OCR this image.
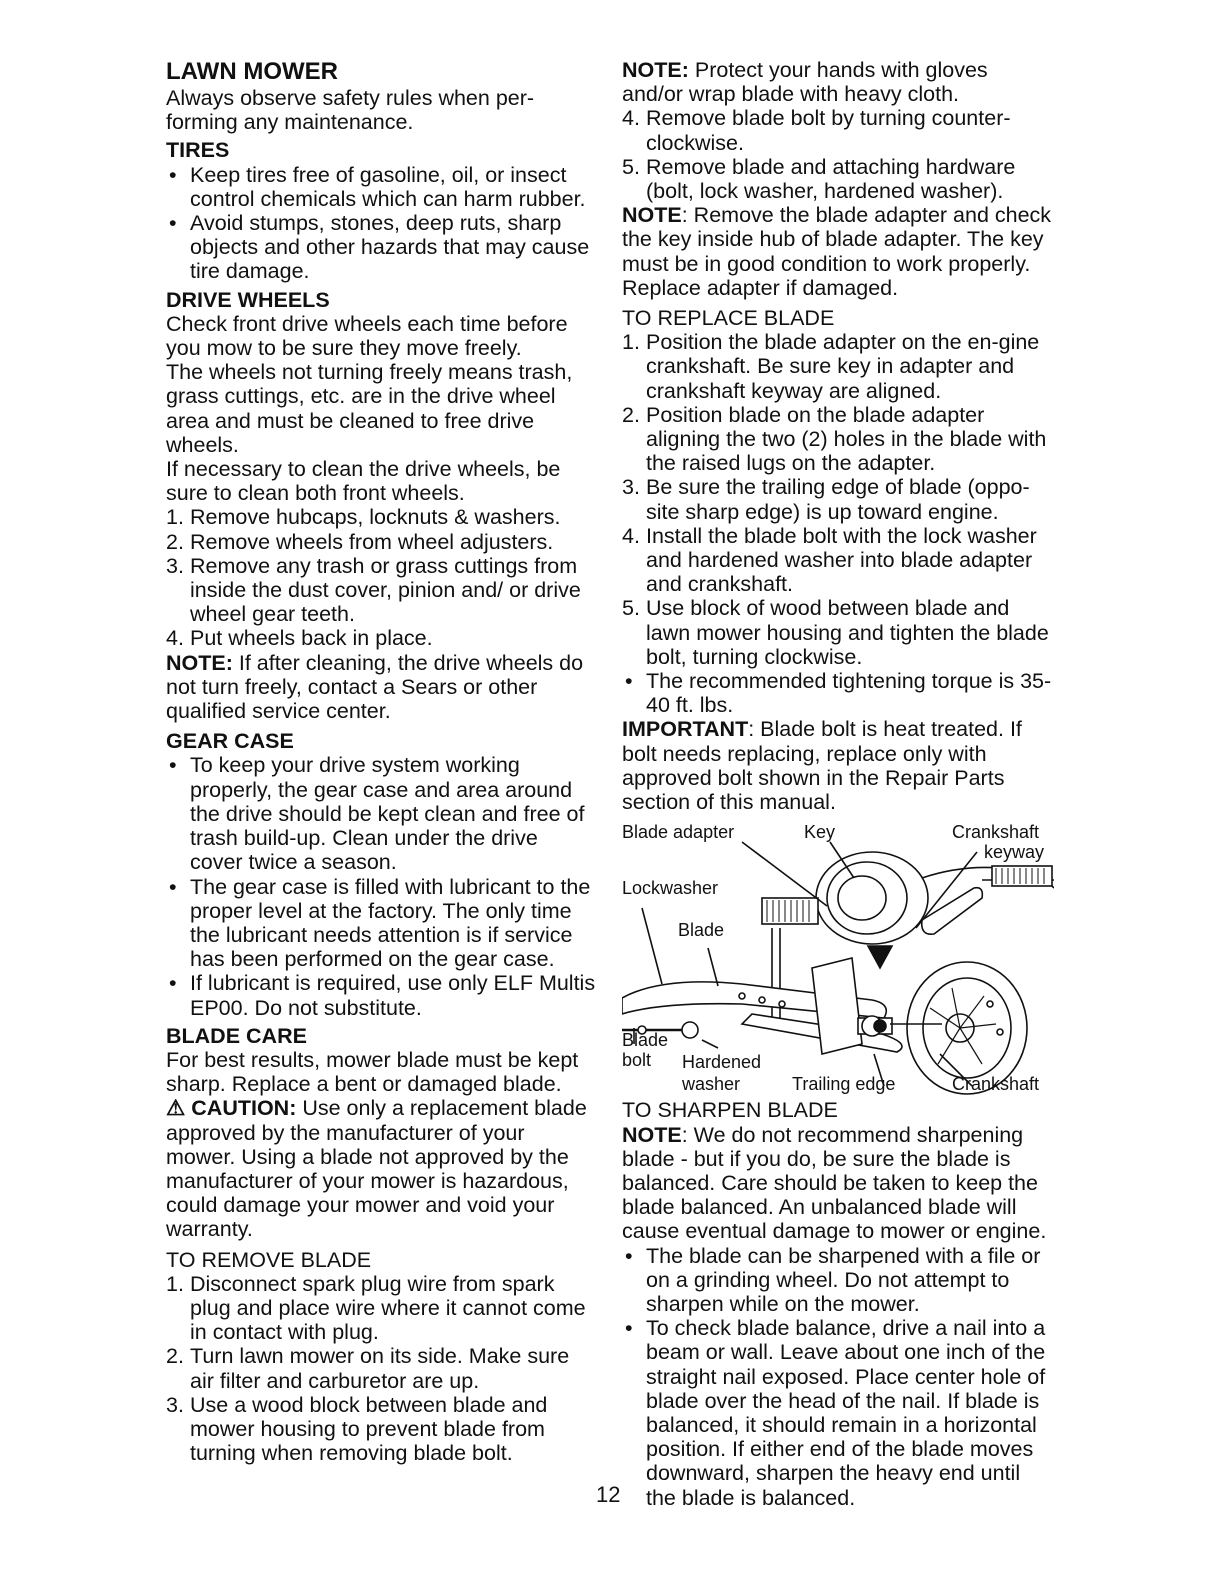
LAWN MOWER

Always observe safety rules when per-forming any maintenance.

TIRES

• Keep tires free of gasoline, oil, or insect control chemicals which can harm rubber.
• Avoid stumps, stones, deep ruts, sharp objects and other hazards that may cause tire damage.

DRIVE WHEELS

Check front drive wheels each time before you mow to be sure they move freely.

The wheels not turning freely means trash, grass cuttings, etc. are in the drive wheel area and must be cleaned to free drive wheels.

If necessary to clean the drive wheels, be sure to clean both front wheels.

1. Remove hubcaps, locknuts & washers.
2. Remove wheels from wheel adjusters.
3. Remove any trash or grass cuttings from inside the dust cover, pinion and/ or drive wheel gear teeth.
4. Put wheels back in place.

NOTE: If after cleaning, the drive wheels do not turn freely, contact a Sears or other qualified service center.

GEAR CASE

• To keep your drive system working properly, the gear case and area around the drive should be kept clean and free of trash build-up. Clean under the drive cover twice a season.
• The gear case is filled with lubricant to the proper level at the factory. The only time the lubricant needs attention is if service has been performed on the gear case.
• If lubricant is required, use only ELF Multis EP00. Do not substitute.

BLADE CARE

For best results, mower blade must be kept sharp. Replace a bent or damaged blade.

⚠ CAUTION: Use only a replacement blade approved by the manufacturer of your mower. Using a blade not approved by the manufacturer of your mower is hazardous, could damage your mower and void your warranty.

TO REMOVE BLADE

1. Disconnect spark plug wire from spark plug and place wire where it cannot come in contact with plug.
2. Turn lawn mower on its side. Make sure air filter and carburetor are up.
3. Use a wood block between blade and mower housing to prevent blade from turning when removing blade bolt.

NOTE: Protect your hands with gloves and/or wrap blade with heavy cloth.

4. Remove blade bolt by turning counter-clockwise.
5. Remove blade and attaching hardware (bolt, lock washer, hardened washer).

NOTE: Remove the blade adapter and check the key inside hub of blade adapter. The key must be in good condition to work properly. Replace adapter if damaged.

TO REPLACE BLADE

1. Position the blade adapter on the en-gine crankshaft. Be sure key in adapter and crankshaft keyway are aligned.
2. Position blade on the blade adapter aligning the two (2) holes in the blade with the raised lugs on the adapter.
3. Be sure the trailing edge of blade (oppo-site sharp edge) is up toward engine.
4. Install the blade bolt with the lock washer and hardened washer into blade adapter and crankshaft.
5. Use block of wood between blade and lawn mower housing and tighten the blade bolt, turning clockwise.
• The recommended tightening torque is 35-40 ft. lbs.

IMPORTANT: Blade bolt is heat treated. If bolt needs replacing, replace only with approved bolt shown in the Repair Parts section of this manual.

Blade adapter	Key	Crankshaft
keyway
Lockwasher
Blade
Blade
bolt Hardened
washer	Trailing edge	Crankshaft

TO SHARPEN BLADE

NOTE: We do not recommend sharpening blade - but if you do, be sure the blade is balanced. Care should be taken to keep the blade balanced. An unbalanced blade will cause eventual damage to mower or engine.

• The blade can be sharpened with a file or on a grinding wheel. Do not attempt to sharpen while on the mower.
• To check blade balance, drive a nail into a beam or wall. Leave about one inch of the straight nail exposed. Place center hole of blade over the head of the nail. If blade is balanced, it should remain in a horizontal position. If either end of the blade moves downward, sharpen the heavy end until the blade is balanced.
12
